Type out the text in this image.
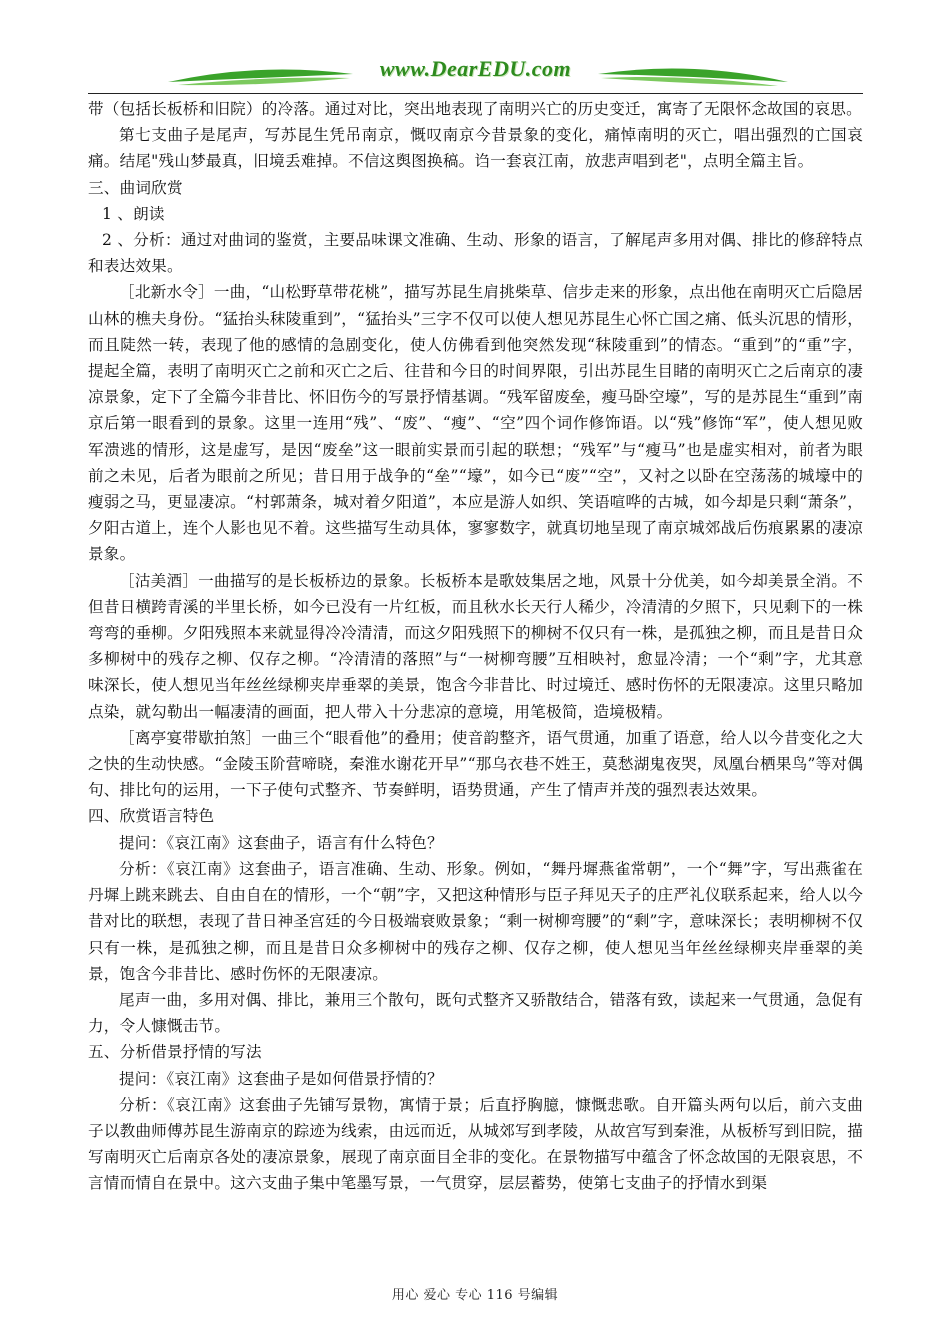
www.DearEDU.com

带（包括长板桥和旧院）的冷落。通过对比，突出地表现了南明兴亡的历史变迁，寓寄了无限怀念故国的哀思。

第七支曲子是尾声，写苏昆生凭吊南京，慨叹南京今昔景象的变化，痛悼南明的灭亡，唱出强烈的亡国哀痛。结尾"残山梦最真，旧境丢难掉。不信这舆图换稿。诌一套哀江南，放悲声唱到老"，点明全篇主旨。

三、曲词欣赏

1 、朗读

2 、分析：通过对曲词的鉴赏，主要品味课文准确、生动、形象的语言，了解尾声多用对偶、排比的修辞特点和表达效果。

［北新水令］一曲，“山松野草带花桃”，描写苏昆生肩挑柴草、信步走来的形象，点出他在南明灭亡后隐居山林的樵夫身份。“猛抬头秣陵重到”，“猛抬头”三字不仅可以使人想见苏昆生心怀亡国之痛、低头沉思的情形，而且陡然一转，表现了他的感情的急剧变化，使人仿佛看到他突然发现“秣陵重到”的情态。“重到”的“重”字，提起全篇，表明了南明灭亡之前和灭亡之后、往昔和今日的时间界限，引出苏昆生目睹的南明灭亡之后南京的凄凉景象，定下了全篇今非昔比、怀旧伤今的写景抒情基调。“残军留废垒，瘦马卧空壕”，写的是苏昆生“重到”南京后第一眼看到的景象。这里一连用“残”、“废”、“瘦”、“空”四个词作修饰语。以“残”修饰“军”，使人想见败军溃逃的情形，这是虚写，是因“废垒”这一眼前实景而引起的联想；“残军”与“瘦马”也是虚实相对，前者为眼前之未见，后者为眼前之所见；昔日用于战争的“垒”“壕”，如今已“废”“空”，又衬之以卧在空荡荡的城壕中的瘦弱之马，更显凄凉。“村郭萧条，城对着夕阳道”，本应是游人如织、笑语喧哗的古城，如今却是只剩“萧条”，夕阳古道上，连个人影也见不着。这些描写生动具体，寥寥数字，就真切地呈现了南京城郊战后伤痕累累的凄凉景象。

［沽美酒］一曲描写的是长板桥边的景象。长板桥本是歌妓集居之地，风景十分优美，如今却美景全消。不但昔日横跨青溪的半里长桥，如今已没有一片红板，而且秋水长天行人稀少，冷清清的夕照下，只见剩下的一株弯弯的垂柳。夕阳残照本来就显得冷冷清清，而这夕阳残照下的柳树不仅只有一株，是孤独之柳，而且是昔日众多柳树中的残存之柳、仅存之柳。“冷清清的落照”与“一树柳弯腰”互相映衬，愈显冷清；一个“剩”字，尤其意味深长，使人想见当年丝丝绿柳夹岸垂翠的美景，饱含今非昔比、时过境迁、感时伤怀的无限凄凉。这里只略加点染，就勾勒出一幅凄清的画面，把人带入十分悲凉的意境，用笔极简，造境极精。

［离亭宴带歇拍煞］一曲三个“眼看他”的叠用；使音韵整齐，语气贯通，加重了语意，给人以今昔变化之大之快的生动快感。“金陵玉阶营啼晓，秦淮水谢花开早”“那乌衣巷不姓王，莫愁湖鬼夜哭，凤凰台栖果鸟”等对偶句、排比句的运用，一下子使句式整齐、节奏鲜明，语势贯通，产生了情声并茂的强烈表达效果。

四、欣赏语言特色

提问：《哀江南》这套曲子，语言有什么特色？

分析：《哀江南》这套曲子，语言准确、生动、形象。例如，“舞丹墀燕雀常朝”，一个“舞”字，写出燕雀在丹墀上跳来跳去、自由自在的情形，一个“朝”字，又把这种情形与臣子拜见天子的庄严礼仪联系起来，给人以今昔对比的联想，表现了昔日神圣宫廷的今日极端衰败景象；“剩一树柳弯腰”的“剩”字，意味深长；表明柳树不仅只有一株，是孤独之柳，而且是昔日众多柳树中的残存之柳、仅存之柳，使人想见当年丝丝绿柳夹岸垂翠的美景，饱含今非昔比、感时伤怀的无限凄凉。

尾声一曲，多用对偶、排比，兼用三个散句，既句式整齐又骄散结合，错落有致，读起来一气贯通，急促有力，令人慷慨击节。

五、分析借景抒情的写法

提问：《哀江南》这套曲子是如何借景抒情的？

分析：《哀江南》这套曲子先铺写景物，寓情于景；后直抒胸臆，慷慨悲歌。自开篇头两句以后，前六支曲子以教曲师傅苏昆生游南京的踪迹为线索，由远而近，从城郊写到孝陵，从故宫写到秦淮，从板桥写到旧院，描写南明灭亡后南京各处的凄凉景象，展现了南京面目全非的变化。在景物描写中蕴含了怀念故国的无限哀思，不言情而情自在景中。这六支曲子集中笔墨写景，一气贯穿，层层蓄势，使第七支曲子的抒情水到渠

用心 爱心 专心 116 号编辑
